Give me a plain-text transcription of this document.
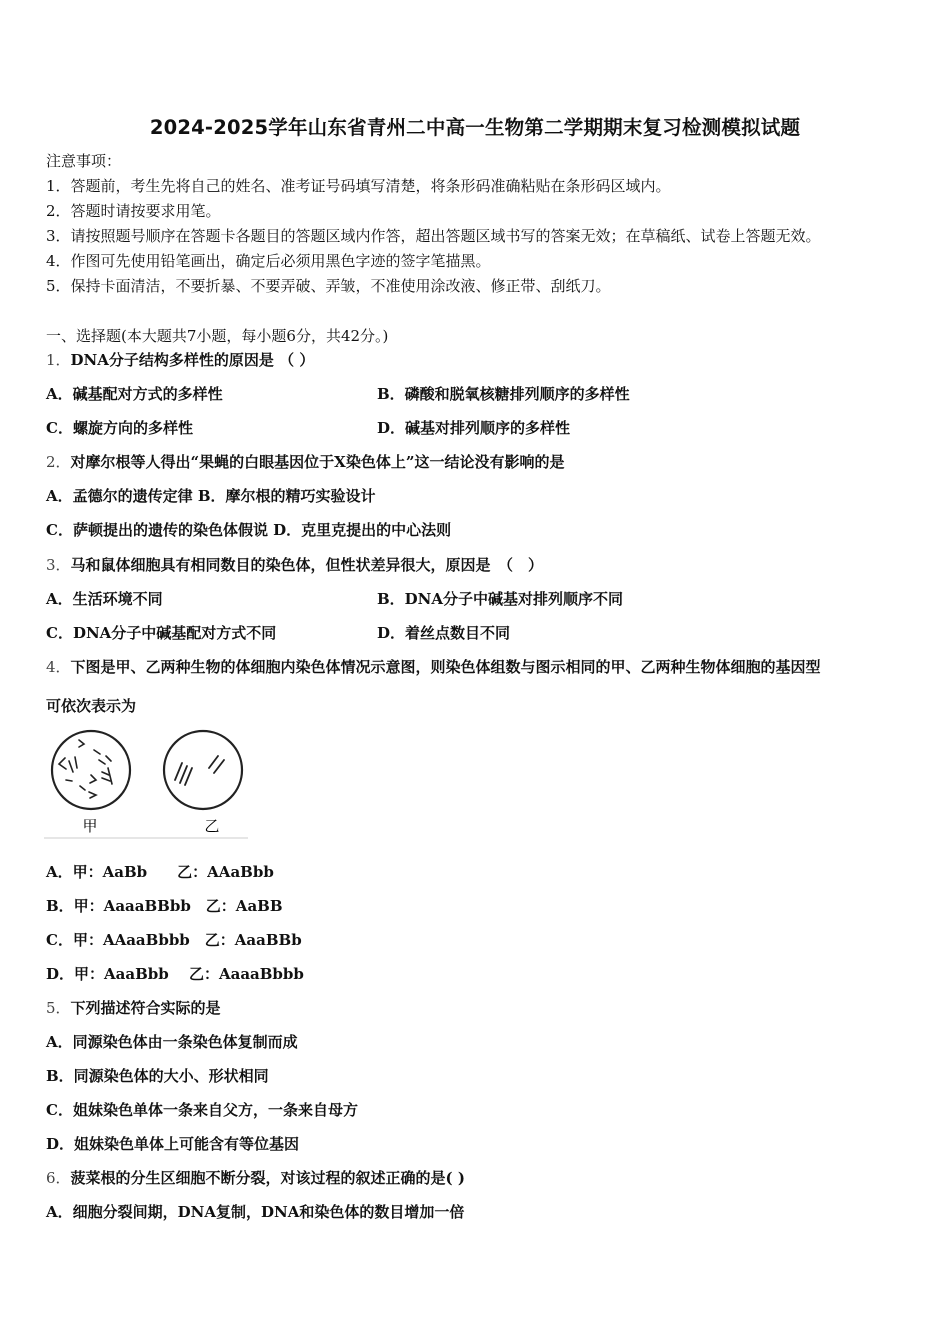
2024-2025学年山东省青州二中高一生物第二学期期末复习检测模拟试题
注意事项：
1．答题前，考生先将自己的姓名、准考证号码填写清楚，将条形码准确粘贴在条形码区域内。
2．答题时请按要求用笔。
3．请按照题号顺序在答题卡各题目的答题区域内作答，超出答题区域书写的答案无效；在草稿纸、试卷上答题无效。
4．作图可先使用铅笔画出，确定后必须用黑色字迹的签字笔描黑。
5．保持卡面清洁，不要折暴、不要弄破、弄皱，不准使用涂改液、修正带、刮纸刀。
一、选择题(本大题共7小题，每小题6分，共42分。)
1．DNA分子结构多样性的原因是 （ ）
A．碱基配对方式的多样性	B．磷酸和脱氧核糖排列顺序的多样性
C．螺旋方向的多样性	D．碱基对排列顺序的多样性
2．对摩尔根等人得出“果蝇的白眼基因位于X染色体上”这一结论没有影响的是
A．孟德尔的遗传定律 B．摩尔根的精巧实验设计
C．萨顿提出的遗传的染色体假说 D．克里克提出的中心法则
3．马和鼠体细胞具有相同数目的染色体，但性状差异很大，原因是　（　）
A．生活环境不同	B．DNA分子中碱基对排列顺序不同
C．DNA分子中碱基配对方式不同	D．着丝点数目不同
4．下图是甲、乙两种生物的体细胞内染色体情况示意图，则染色体组数与图示相同的甲、乙两种生物体细胞的基因型
可依次表示为
甲	乙
A．甲：AaBb　　乙：AAaBbb
B．甲：AaaaBBbb　乙：AaBB
C．甲：AAaaBbbb　乙：AaaBBb
D．甲：AaaBbb　 乙：AaaaBbbb
5．下列描述符合实际的是
A．同源染色体由一条染色体复制而成
B．同源染色体的大小、形状相同
C．姐妹染色单体一条来自父方，一条来自母方
D．姐妹染色单体上可能含有等位基因
6．菠菜根的分生区细胞不断分裂，对该过程的叙述正确的是( )
A．细胞分裂间期，DNA复制，DNA和染色体的数目增加一倍
